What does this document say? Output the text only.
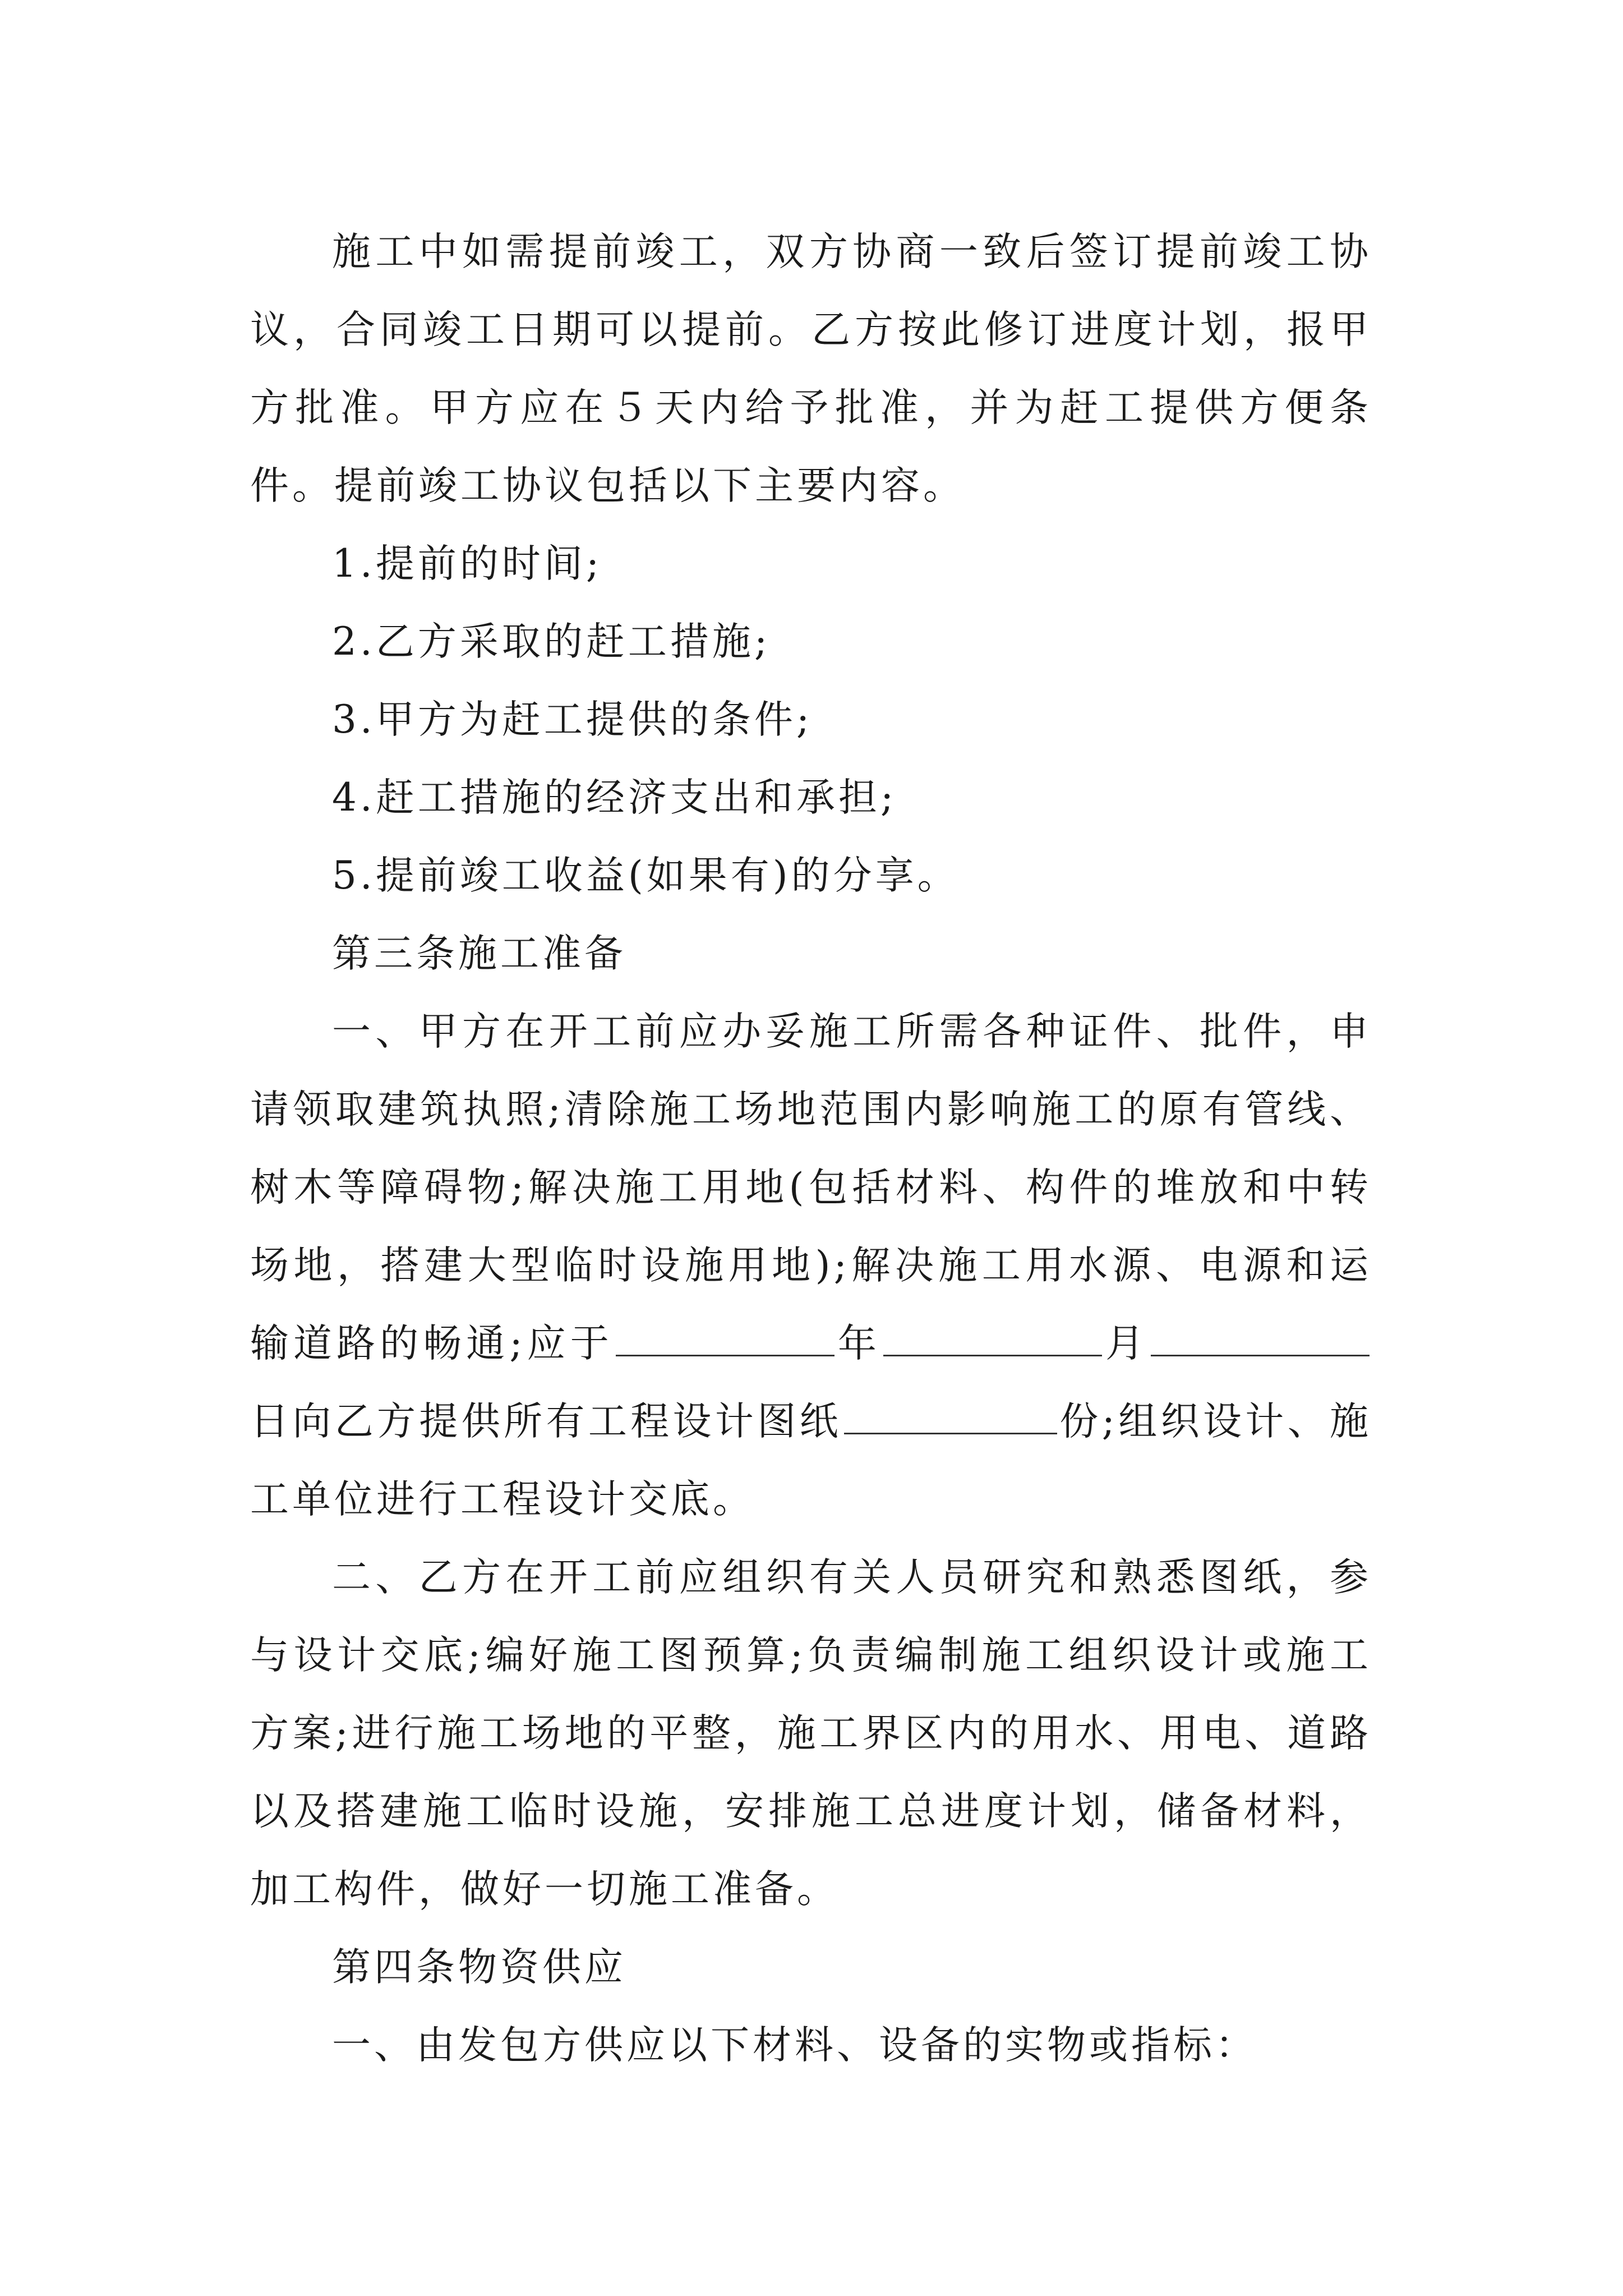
施工中如需提前竣工，双方协商一致后签订提前竣工协议，合同竣工日期可以提前。乙方按此修订进度计划，报甲方批准。甲方应在５天内给予批准，并为赶工提供方便条件。提前竣工协议包括以下主要内容。

1.提前的时间;

2.乙方采取的赶工措施;

3.甲方为赶工提供的条件;

4.赶工措施的经济支出和承担;

5.提前竣工收益(如果有)的分享。

第三条施工准备

一、甲方在开工前应办妥施工所需各种证件、批件，申请领取建筑执照;清除施工场地范围内影响施工的原有管线、树木等障碍物;解决施工用地(包括材料、构件的堆放和中转场地，搭建大型临时设施用地);解决施工用水源、电源和运输道路的畅通;应于	年	月日向乙方提供所有工程设计图纸	份;组织设计、施工单位进行工程设计交底。

二、乙方在开工前应组织有关人员研究和熟悉图纸，参与设计交底;编好施工图预算;负责编制施工组织设计或施工方案;进行施工场地的平整，施工界区内的用水、用电、道路以及搭建施工临时设施，安排施工总进度计划，储备材料，加工构件，做好一切施工准备。

第四条物资供应

一、由发包方供应以下材料、设备的实物或指标：
